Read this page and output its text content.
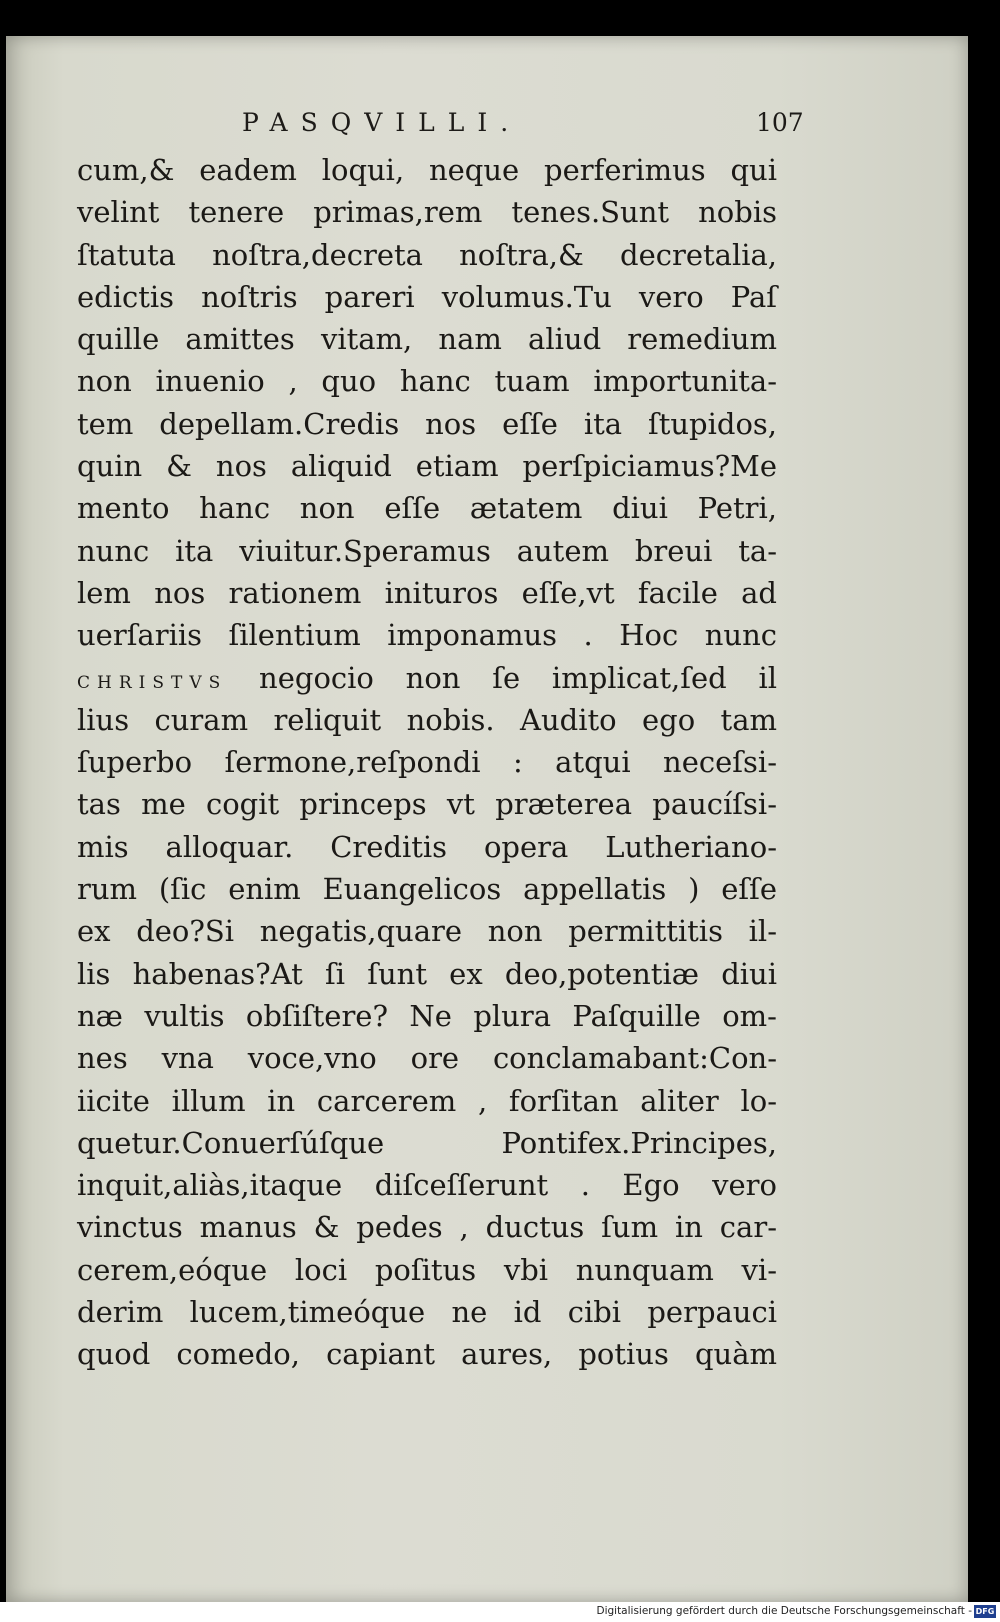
PASQVILLI.	107
cum,& eadem loqui, neque perferimus qui
velint tenere primas,rem tenes.Sunt nobis
ſtatuta noſtra,decreta noſtra,& decretalia,
edictis noſtris pareri volumus.Tu vero Paſ
quille amittes vitam, nam aliud remedium
non inuenio , quo hanc tuam importunita-
tem depellam.Credis nos eſſe ita ſtupidos,
quin & nos aliquid etiam perſpiciamus?Me
mento hanc non eſſe ætatem diui Petri,
nunc ita viuitur.Speramus autem breui ta-
lem nos rationem inituros eſſe,vt facile ad
uerſariis ſilentium imponamus . Hoc nunc
CHRISTVS negocio non ſe implicat,ſed il
lius curam reliquit nobis. Audito ego tam
ſuperbo ſermone,reſpondi : atqui neceſsi-
tas me cogit princeps vt prӕterea paucíſsi-
mis alloquar. Creditis opera Lutheriano-
rum (ſic enim Euangelicos appellatis ) eſſe
ex deo?Si negatis,quare non permittitis il-
lis habenas?At ſi ſunt ex deo,potentiӕ diui
nӕ vultis obſiſtere? Ne plura Paſquille om-
nes vna voce,vno ore conclamabant:Con-
iicite illum in carcerem , forſitan aliter lo-
quetur.Conuerſúſque Pontifex.Principes,
inquit,aliàs,itaque diſceſſerunt . Ego vero
vinctus manus & pedes , ductus ſum in car-
cerem,eóque loci poſitus vbi nunquam vi-
derim lucem,timeóque ne id cibi perpauci
quod comedo, capiant aures, potius quàm
Digitalisierung gefördert durch die Deutsche Forschungsgemeinschaft - DFG
